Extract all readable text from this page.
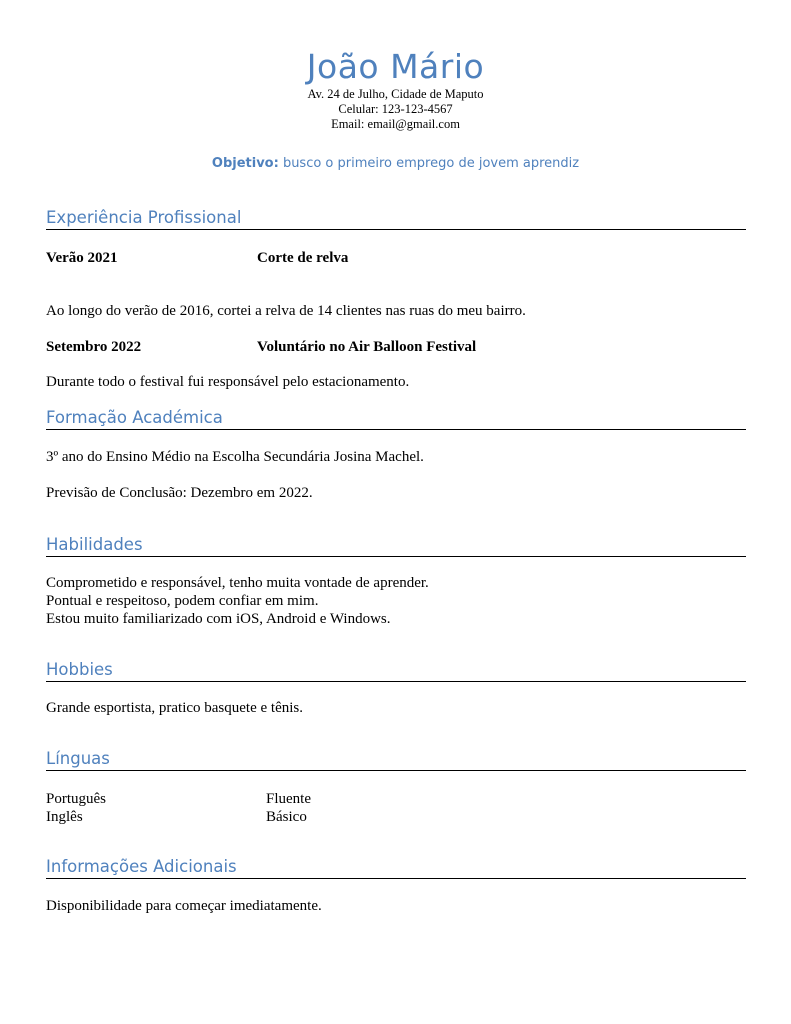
João Mário
Av. 24 de Julho, Cidade de Maputo
Celular: 123-123-4567
Email: email@gmail.com
Objetivo: busco o primeiro emprego de jovem aprendiz
Experiência Profissional
Verão 2021	Corte de relva
Ao longo do verão de 2016, cortei a relva de 14 clientes nas ruas do meu bairro.
Setembro 2022	Voluntário no Air Balloon Festival
Durante todo o festival fui responsável pelo estacionamento.
Formação Académica
3º ano do Ensino Médio na Escolha Secundária Josina Machel.
Previsão de Conclusão: Dezembro em 2022.
Habilidades
Comprometido e responsável, tenho muita vontade de aprender.
Pontual e respeitoso, podem confiar em mim.
Estou muito familiarizado com iOS, Android e Windows.
Hobbies
Grande esportista, pratico basquete e tênis.
Línguas
Português	Fluente
Inglês	Básico
Informações Adicionais
Disponibilidade para começar imediatamente.
